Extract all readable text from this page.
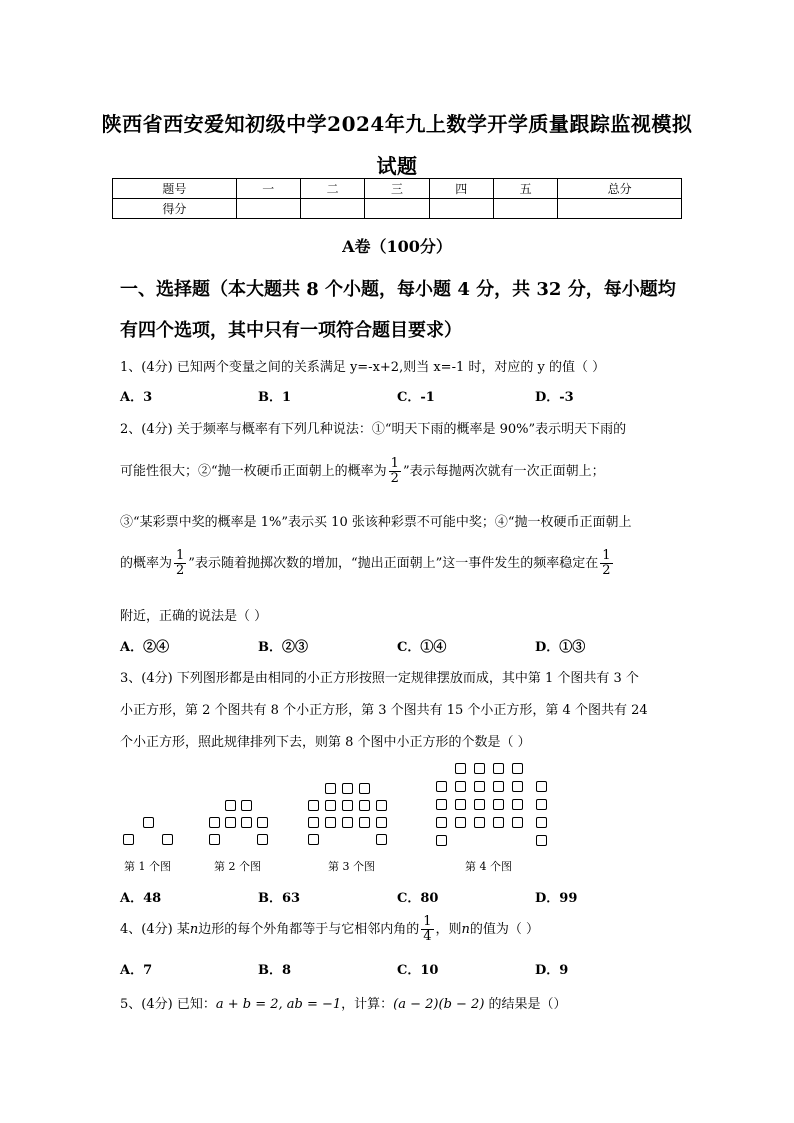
陕西省西安爱知初级中学2024年九上数学开学质量跟踪监视模拟
试题
题号	一	二	三	四	五	总分
得分						
A卷（100分）
一、选择题（本大题共 8 个小题，每小题 4 分，共 32 分，每小题均
有四个选项，其中只有一项符合题目要求）
1、(4分) 已知两个变量之间的关系满足 y=-x+2,则当 x=-1 时，对应的 y 的值（ ）
A．3	B．1	C．-1	D．-3
2、(4分) 关于频率与概率有下列几种说法：①“明天下雨的概率是 90%”表示明天下雨的
可能性很大；②“抛一枚硬币正面朝上的概率为 $\frac{1}{2}$ ”表示每抛两次就有一次正面朝上；
③“某彩票中奖的概率是 1%”表示买 10 张该种彩票不可能中奖；④“抛一枚硬币正面朝上
的概率为 $\frac{1}{2}$ ”表示随着抛掷次数的增加，“抛出正面朝上”这一事件发生的频率稳定在 $\frac{1}{2}$
附近，正确的说法是（ ）
A．②④	B．②③	C．①④	D．①③
3、(4分) 下列图形都是由相同的小正方形按照一定规律摆放而成，其中第 1 个图共有 3 个
小正方形，第 2 个图共有 8 个小正方形，第 3 个图共有 15 个小正方形，第 4 个图共有 24
个小正方形，照此规律排列下去，则第 8 个图中小正方形的个数是（ ）
第 1 个图	第 2 个图	第 3 个图	第 4 个图
A．48	B．63	C．80	D．99
4、(4分) 某n边形的每个外角都等于与它相邻内角的 $\frac{1}{4}$ ，则n的值为（ ）
A．7	B．8	C．10	D．9
5、(4分) 已知：a + b = 2, ab = −1，计算：(a − 2)(b − 2) 的结果是（）
